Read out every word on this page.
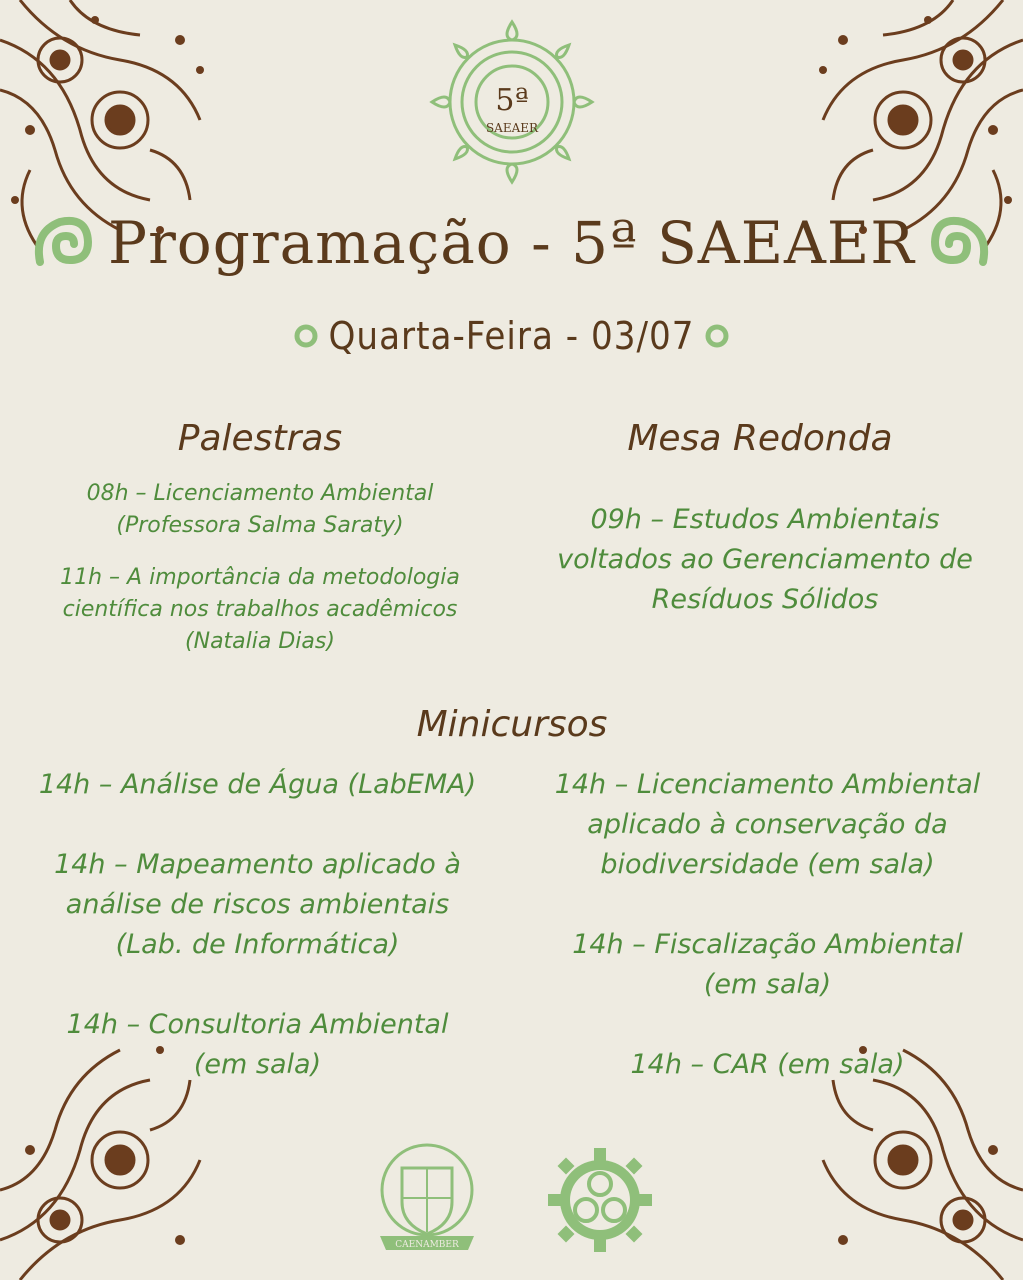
5ª
SAEAER
Programação - 5ª SAEAER
Quarta-Feira - 03/07
Palestras
08h – Licenciamento Ambiental
(Professora Salma Saraty)
11h – A importância da metodologia
científica nos trabalhos acadêmicos
(Natalia Dias)
Mesa Redonda
09h – Estudos Ambientais
voltados ao Gerenciamento de
Resíduos Sólidos
Minicursos
14h – Análise de Água (LabEMA)
14h – Mapeamento aplicado à
análise de riscos ambientais
(Lab. de Informática)
14h – Consultoria Ambiental
(em sala)
14h – Licenciamento Ambiental
aplicado à conservação da
biodiversidade (em sala)
14h – Fiscalização Ambiental
(em sala)
14h – CAR (em sala)
CAENAMBER
